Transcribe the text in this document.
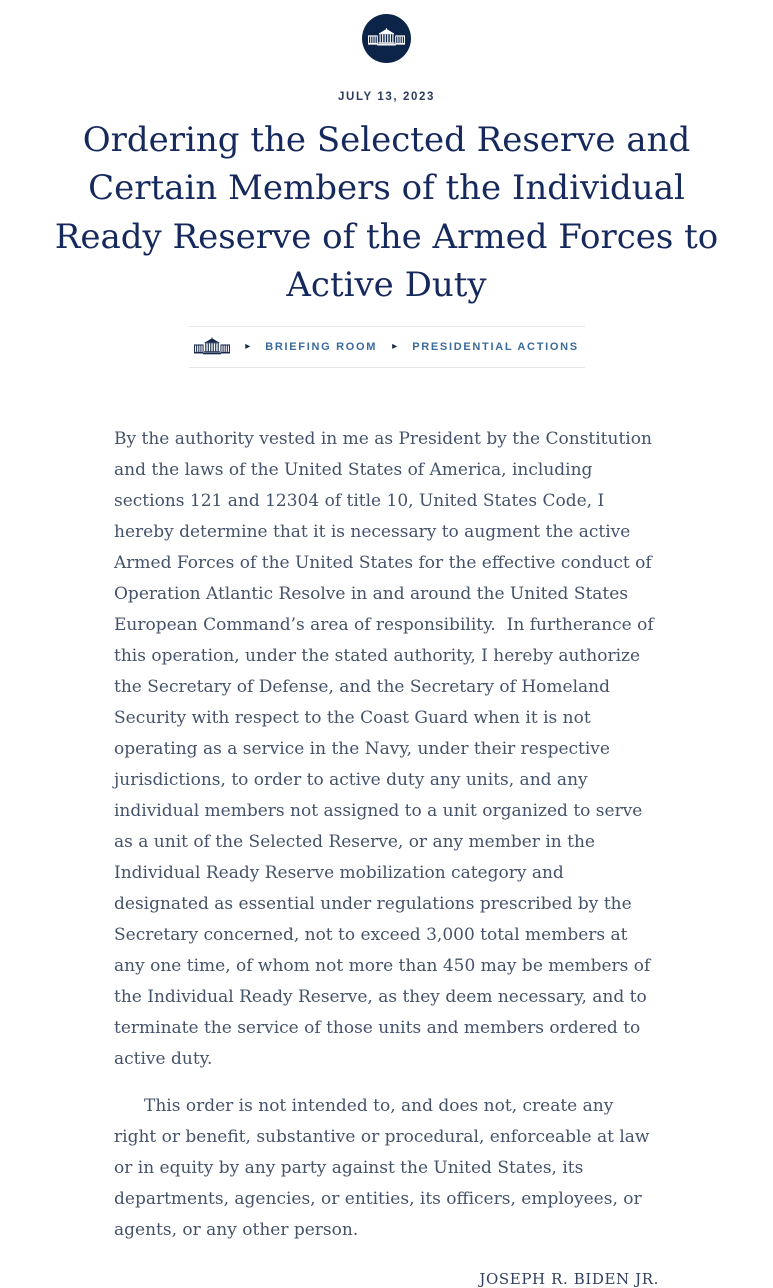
JULY 13, 2023
Ordering the Selected Reserve and Certain Members of the Individual Ready Reserve of the Armed Forces to Active Duty
▸ BRIEFING ROOM ▸ PRESIDENTIAL ACTIONS

By the authority vested in me as President by the Constitution and the laws of the United States of America, including sections 121 and 12304 of title 10, United States Code, I hereby determine that it is necessary to augment the active Armed Forces of the United States for the effective conduct of Operation Atlantic Resolve in and around the United States European Command’s area of responsibility.  In furtherance of this operation, under the stated authority, I hereby authorize the Secretary of Defense, and the Secretary of Homeland Security with respect to the Coast Guard when it is not operating as a service in the Navy, under their respective jurisdictions, to order to active duty any units, and any individual members not assigned to a unit organized to serve as a unit of the Selected Reserve, or any member in the Individual Ready Reserve mobilization category and designated as essential under regulations prescribed by the Secretary concerned, not to exceed 3,000 total members at any one time, of whom not more than 450 may be members of the Individual Ready Reserve, as they deem necessary, and to terminate the service of those units and members ordered to active duty.

This order is not intended to, and does not, create any right or benefit, substantive or procedural, enforceable at law or in equity by any party against the United States, its departments, agencies, or entities, its officers, employees, or agents, or any other person.

JOSEPH R. BIDEN JR.
